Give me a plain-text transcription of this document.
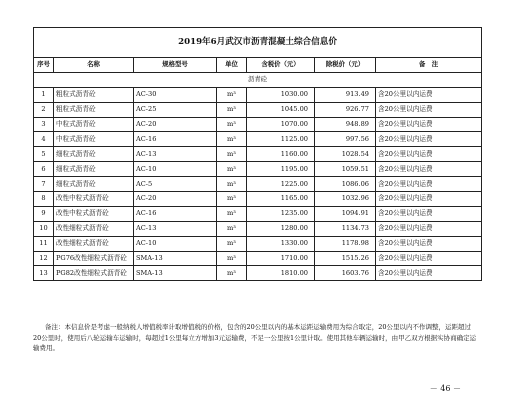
2019年6月武汉市沥青混凝土综合信息价						
序号	名称	规格型号	单位	含税价（元）	除税价（元）	备　注
沥青砼						
1	粗粒式沥青砼	AC-30	m³	1030.00	913.49	含20公里以内运费
2	粗粒式沥青砼	AC-25	m³	1045.00	926.77	含20公里以内运费
3	中粒式沥青砼	AC-20	m³	1070.00	948.89	含20公里以内运费
4	中粒式沥青砼	AC-16	m³	1125.00	997.56	含20公里以内运费
5	细粒式沥青砼	AC-13	m³	1160.00	1028.54	含20公里以内运费
6	细粒式沥青砼	AC-10	m³	1195.00	1059.51	含20公里以内运费
7	细粒式沥青砼	AC-5	m³	1225.00	1086.06	含20公里以内运费
8	改性中粒式沥青砼	AC-20	m³	1165.00	1032.96	含20公里以内运费
9	改性中粒式沥青砼	AC-16	m³	1235.00	1094.91	含20公里以内运费
10	改性细粒式沥青砼	AC-13	m³	1280.00	1134.73	含20公里以内运费
11	改性细粒式沥青砼	AC-10	m³	1330.00	1178.98	含20公里以内运费
12	PG76改性细粒式沥青砼	SMA-13	m³	1710.00	1515.26	含20公里以内运费
13	PG82改性细粒式沥青砼	SMA-13	m³	1810.00	1603.76	含20公里以内运费

备注：本信息价是考虑一般纳税人增值税率计取增值税的价格，包含的20公里以内的基本运距运输费用为综合取定，20公里以内不作调整，运距超过20公里时，使用后八轮运输车运输时，每超过1公里每立方增加3元运输费，不足一公里按1公里计取。使用其他车辆运输时，由甲乙双方根据实协商确定运输费用。

－ 46 －
